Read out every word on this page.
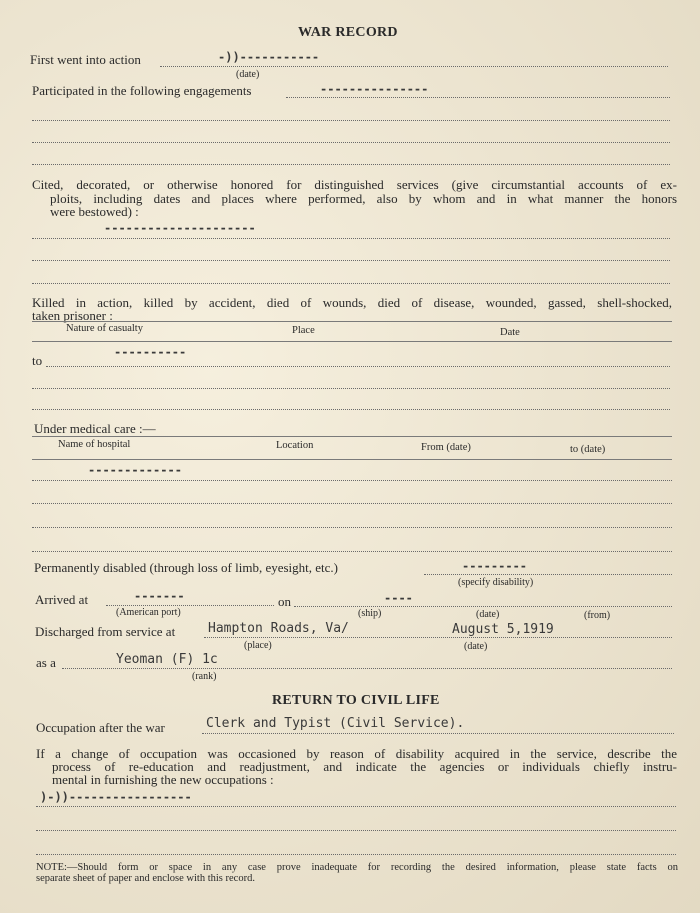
WAR RECORD
First went into action	-))-----------
(date)
Participated in the following engagements	---------------
Cited, decorated, or otherwise honored for distinguished services (give circumstantial accounts of ex-
ploits, including dates and places where performed, also by whom and in what manner the honors
were bestowed) :
---------------------
Killed in action, killed by accident, died of wounds, died of disease, wounded, gassed, shell-shocked,
taken prisoner :
Nature of casualty	Place	Date
----------
to
Under medical care :—
Name of hospital	Location	From (date)	to (date)
-------------
Permanently disabled (through loss of limb, eyesight, etc.)	---------
(specify disability)
Arrived at	-------	on	----
(American port)	(ship)	(date)	(from)
Discharged from service at	Hampton Roads, Va/	August 5,1919
(place)	(date)
as a	Yeoman (F) 1c
(rank)
RETURN TO CIVIL LIFE
Occupation after the war	Clerk and Typist (Civil Service).
If a change of occupation was occasioned by reason of disability acquired in the service, describe the
process of re-education and readjustment, and indicate the agencies or individuals chiefly instru-
mental in furnishing the new occupations :
)-))-----------------
NOTE:—Should form or space in any case prove inadequate for recording the desired information, please state facts on
separate sheet of paper and enclose with this record.
